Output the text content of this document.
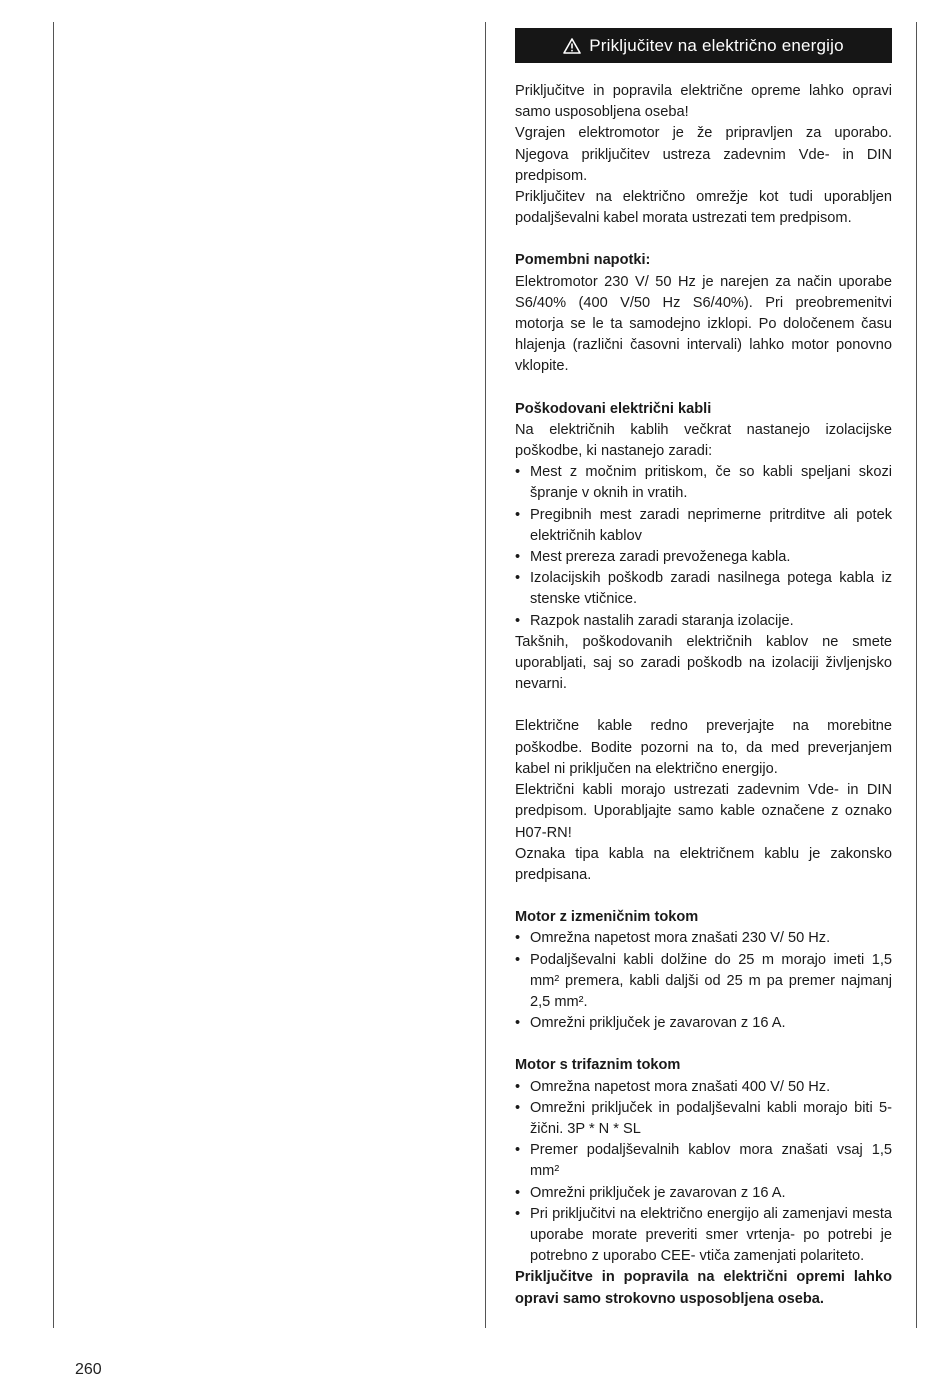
Priključitev na električno energijo

Priključitve in popravila električne opreme lahko opravi samo usposobljena oseba!

Vgrajen elektromotor je že pripravljen za uporabo. Njegova priključitev ustreza zadevnim Vde- in DIN predpisom.

Priključitev na električno omrežje kot tudi uporabljen podaljševalni kabel morata ustrezati tem predpisom.

Pomembni napotki:

Elektromotor 230 V/ 50 Hz je narejen za način uporabe S6/40% (400 V/50 Hz S6/40%). Pri preobremenitvi motorja se le ta samodejno izklopi. Po določenem času hlajenja (različni časovni intervali) lahko motor ponovno vklopite.

Poškodovani električni kabli

Na električnih kablih večkrat nastanejo izolacijske poškodbe, ki nastanejo zaradi:

• Mest z močnim pritiskom, če so kabli speljani skozi špranje v oknih in vratih.
• Pregibnih mest zaradi neprimerne pritrditve ali potek električnih kablov
• Mest prereza zaradi prevoženega kabla.
• Izolacijskih poškodb zaradi nasilnega potega kabla iz stenske vtičnice.
• Razpok nastalih zaradi staranja izolacije.

Takšnih, poškodovanih električnih kablov ne smete uporabljati, saj so zaradi poškodb na izolaciji življenjsko nevarni.

Električne kable redno preverjajte na morebitne poškodbe. Bodite pozorni na to, da med preverjanjem kabel ni priključen na električno energijo.

Električni kabli morajo ustrezati zadevnim Vde- in DIN predpisom. Uporabljajte samo kable označene z oznako H07-RN!

Oznaka tipa kabla na električnem kablu je zakonsko predpisana.

Motor z izmeničnim tokom

• Omrežna napetost mora znašati 230 V/ 50 Hz.
• Podaljševalni kabli dolžine do 25 m morajo imeti 1,5 mm² premera, kabli daljši od 25 m pa premer najmanj 2,5 mm².
• Omrežni priključek je zavarovan z 16 A.

Motor s trifaznim tokom

• Omrežna napetost mora znašati 400 V/ 50 Hz.
• Omrežni priključek in podaljševalni kabli morajo biti 5-žični. 3P * N * SL
• Premer podaljševalnih kablov mora znašati vsaj 1,5 mm²
• Omrežni priključek je zavarovan z 16 A.
• Pri priključitvi na električno energijo ali zamenjavi mesta uporabe morate preveriti smer vrtenja- po potrebi je potrebno z uporabo CEE- vtiča zamenjati polariteto.

Priključitve in popravila na električni opremi lahko opravi samo strokovno usposobljena oseba.

260
